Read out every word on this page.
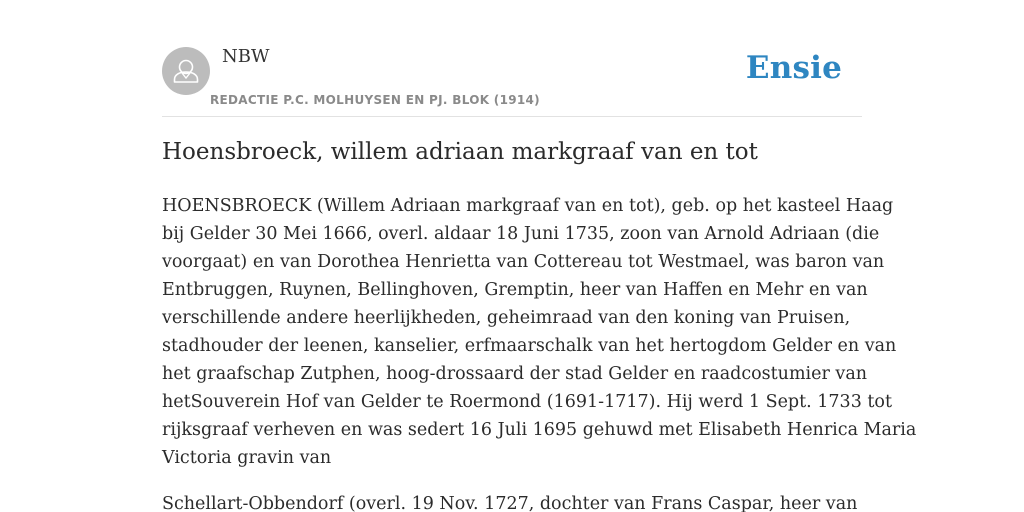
NBW
REDACTIE P.C. MOLHUYSEN EN PJ. BLOK (1914)
Ensie
Hoensbroeck, willem adriaan markgraaf van en tot

HOENSBROECK (Willem Adriaan markgraaf van en tot), geb. op het kasteel Haag
bij Gelder 30 Mei 1666, overl. aldaar 18 Juni 1735, zoon van Arnold Adriaan (die
voorgaat) en van Dorothea Henrietta van Cottereau tot Westmael, was baron van
Entbruggen, Ruynen, Bellinghoven, Gremptin, heer van Haffen en Mehr en van
verschillende andere heerlijkheden, geheimraad van den koning van Pruisen,
stadhouder der leenen, kanselier, erfmaarschalk van het hertogdom Gelder en van
het graafschap Zutphen, hoog-drossaard der stad Gelder en raadcostumier van
hetSouverein Hof van Gelder te Roermond (1691-1717). Hij werd 1 Sept. 1733 tot
rijksgraaf verheven en was sedert 16 Juli 1695 gehuwd met Elisabeth Henrica Maria
Victoria gravin van

Schellart-Obbendorf (overl. 19 Nov. 1727, dochter van Frans Caspar, heer van
